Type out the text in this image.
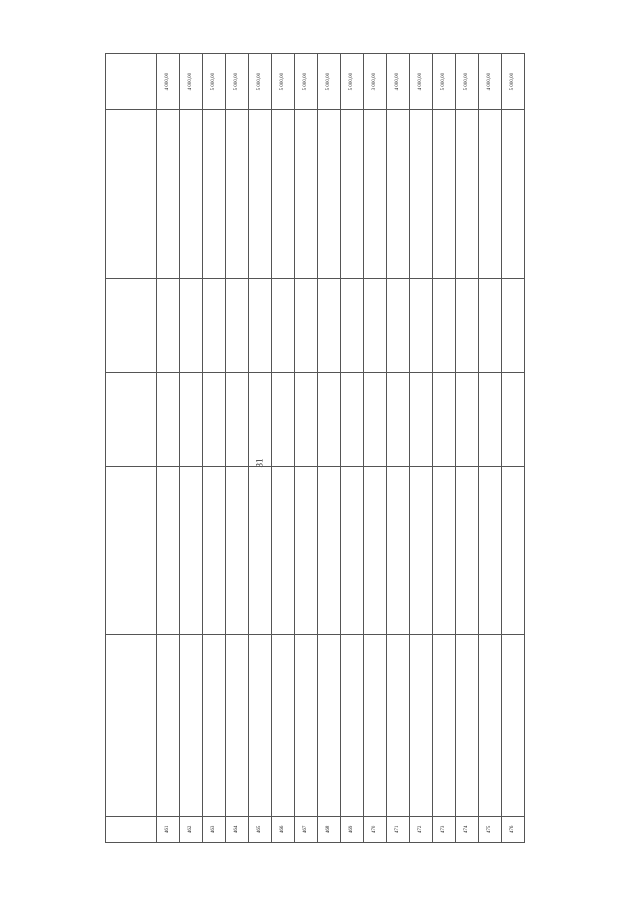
31

461						4 000,00
462						4 000,00
463						5 000,00
464						5 000,00
465						5 000,00
466						5 000,00
467						5 000,00
468						5 000,00
469						5 000,00
470						3 000,00
471						4 000,00
472						4 000,00
473						5 000,00
474						5 000,00
475						4 000,00
476						5 000,00
